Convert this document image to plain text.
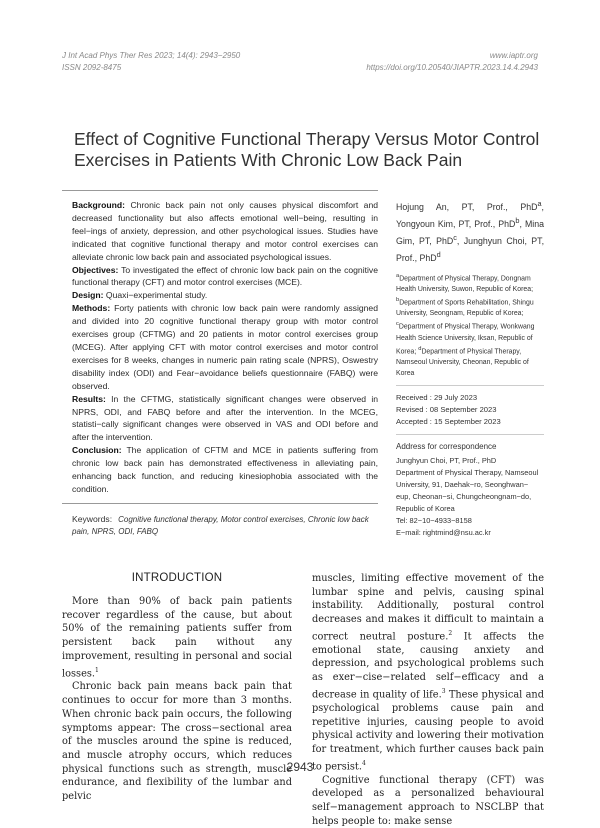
J Int Acad Phys Ther Res 2023; 14(4): 2943−2950
ISSN 2092-8475
www.iaptr.org
https://doi.org/10.20540/JIAPTR.2023.14.4.2943
Effect of Cognitive Functional Therapy Versus Motor Control Exercises in Patients With Chronic Low Back Pain

Background: Chronic back pain not only causes physical discomfort and decreased functionality but also affects emotional well−being, resulting in feel−ings of anxiety, depression, and other psychological issues. Studies have indicated that cognitive functional therapy and motor control exercises can alleviate chronic low back pain and associated psychological issues.

Objectives: To investigated the effect of chronic low back pain on the cognitive functional therapy (CFT) and motor control exercises (MCE).

Design: Quaxi−experimental study.

Methods: Forty patients with chronic low back pain were randomly assigned and divided into 20 cognitive functional therapy group with motor control exercises group (CFTMG) and 20 patients in motor control exercises group (MCEG). After applying CFT with motor control exercises and motor control exercises for 8 weeks, changes in numeric pain rating scale (NPRS), Oswestry disability index (ODI) and Fear−avoidance beliefs questionnaire (FABQ) were observed.

Results: In the CFTMG, statistically significant changes were observed in NPRS, ODI, and FABQ before and after the intervention. In the MCEG, statisti−cally significant changes were observed in VAS and ODI before and after the intervention.

Conclusion: The application of CFTM and MCE in patients suffering from chronic low back pain has demonstrated effectiveness in alleviating pain, enhancing back function, and reducing kinesiophobia associated with the condition.

Keywords: Cognitive functional therapy, Motor control exercises, Chronic low back pain, NPRS, ODI, FABQ
Hojung An, PT, Prof., PhD$^a$, Yongyoun Kim, PT, Prof., PhD$^b$, Mina Gim, PT, PhD$^c$, Junghyun Choi, PT, Prof., PhD$^d$
$^a$Department of Physical Therapy, Dongnam Health University, Suwon, Republic of Korea; $^b$Department of Sports Rehabilitation, Shingu University, Seongnam, Republic of Korea; $^c$Department of Physical Therapy, Wonkwang Health Science University, Iksan, Republic of Korea; $^d$Department of Physical Therapy, Namseoul University, Cheonan, Republic of Korea
Received : 29 July 2023
Revised : 08 September 2023
Accepted : 15 September 2023
Address for correspondence
Junghyun Choi, PT, Prof., PhD
Department of Physical Therapy, Namseoul
University, 91, Daehak−ro, Seonghwan−
eup, Cheonan−si, Chungcheongnam−do,
Republic of Korea
Tel: 82−10−4933−8158
E−mail: rightmind@nsu.ac.kr
INTRODUCTION

More than 90% of back pain patients recover regardless of the cause, but about 50% of the remaining patients suffer from persistent back pain without any improvement, resulting in personal and social losses.$^1$

Chronic back pain means back pain that continues to occur for more than 3 months. When chronic back pain occurs, the following symptoms appear: The cross−sectional area of the muscles around the spine is reduced, and muscle atrophy occurs, which reduces physical functions such as strength, muscle endurance, and flexibility of the lumbar and pelvic

muscles, limiting effective movement of the lumbar spine and pelvis, causing spinal instability. Additionally, postural control decreases and makes it difficult to maintain a correct neutral posture.$^2$ It affects the emotional state, causing anxiety and depression, and psychological problems such as exer−cise−related self−efficacy and a decrease in quality of life.$^3$ These physical and psychological problems cause pain and repetitive injuries, causing people to avoid physical activity and lowering their motivation for treatment, which further causes back pain to persist.$^4$

Cognitive functional therapy (CFT) was developed as a personalized behavioural self−management approach to NSCLBP that helps people to: make sense

2943
